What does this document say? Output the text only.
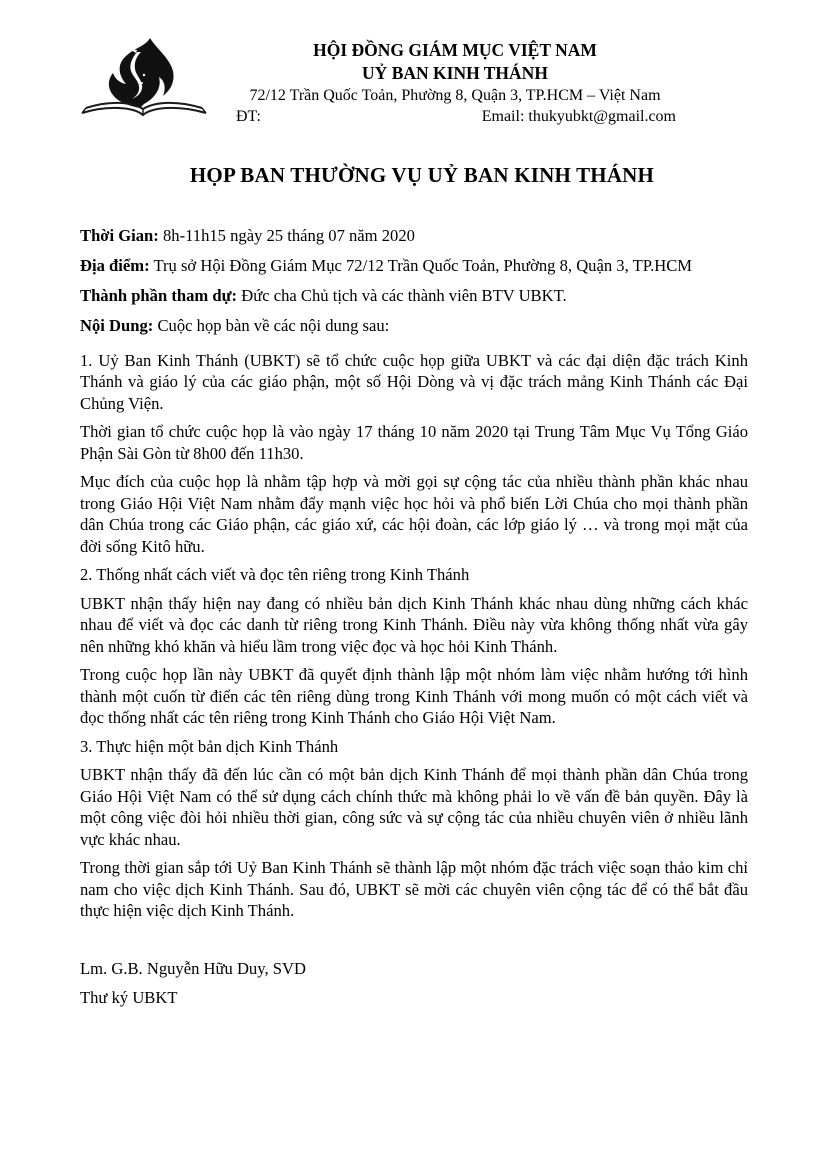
HỘI ĐỒNG GIÁM MỤC VIỆT NAM
UỶ BAN KINH THÁNH
72/12 Trần Quốc Toản, Phường 8, Quận 3, TP.HCM – Việt Nam
ĐT:	Email: thukyubkt@gmail.com
HỌP BAN THƯỜNG VỤ UỶ BAN KINH THÁNH

Thời Gian: 8h-11h15 ngày 25 tháng 07 năm 2020

Địa điểm: Trụ sở Hội Đồng Giám Mục 72/12 Trần Quốc Toản, Phường 8, Quận 3, TP.HCM

Thành phần tham dự: Đức cha Chủ tịch và các thành viên BTV UBKT.

Nội Dung: Cuộc họp bàn về các nội dung sau:

1. Uỷ Ban Kinh Thánh (UBKT) sẽ tổ chức cuộc họp giữa UBKT và các đại diện đặc trách Kinh Thánh và giáo lý của các giáo phận, một số Hội Dòng và vị đặc trách mảng Kinh Thánh các Đại Chủng Viện.

Thời gian tổ chức cuộc họp là vào ngày 17 tháng 10 năm 2020 tại Trung Tâm Mục Vụ Tổng Giáo Phận Sài Gòn từ 8h00 đến 11h30.

Mục đích của cuộc họp là nhằm tập hợp và mời gọi sự cộng tác của nhiều thành phần khác nhau trong Giáo Hội Việt Nam nhằm đẩy mạnh việc học hỏi và phổ biến Lời Chúa cho mọi thành phần dân Chúa trong các Giáo phận, các giáo xứ, các hội đoàn, các lớp giáo lý … và trong mọi mặt của đời sống Kitô hữu.

2. Thống nhất cách viết và đọc tên riêng trong Kinh Thánh

UBKT nhận thấy hiện nay đang có nhiều bản dịch Kinh Thánh khác nhau dùng những cách khác nhau để viết và đọc các danh từ riêng trong Kinh Thánh. Điều này vừa không thống nhất vừa gây nên những khó khăn và hiểu lầm trong việc đọc và học hỏi Kinh Thánh.

Trong cuộc họp lần này UBKT đã quyết định thành lập một nhóm làm việc nhằm hướng tới hình thành một cuốn từ điển các tên riêng dùng trong Kinh Thánh với mong muốn có một cách viết và đọc thống nhất các tên riêng trong Kinh Thánh cho Giáo Hội Việt Nam.

3. Thực hiện một bản dịch Kinh Thánh

UBKT nhận thấy đã đến lúc cần có một bản dịch Kinh Thánh để mọi thành phần dân Chúa trong Giáo Hội Việt Nam có thể sử dụng cách chính thức mà không phải lo về vấn đề bản quyền. Đây là một công việc đòi hỏi nhiều thời gian, công sức và sự cộng tác của nhiều chuyên viên ở nhiều lãnh vực khác nhau.

Trong thời gian sắp tới Uỷ Ban Kinh Thánh sẽ thành lập một nhóm đặc trách việc soạn thảo kim chỉ nam cho việc dịch Kinh Thánh. Sau đó, UBKT sẽ mời các chuyên viên cộng tác để có thể bắt đầu thực hiện việc dịch Kinh Thánh.

Lm. G.B. Nguyễn Hữu Duy, SVD

Thư ký UBKT
